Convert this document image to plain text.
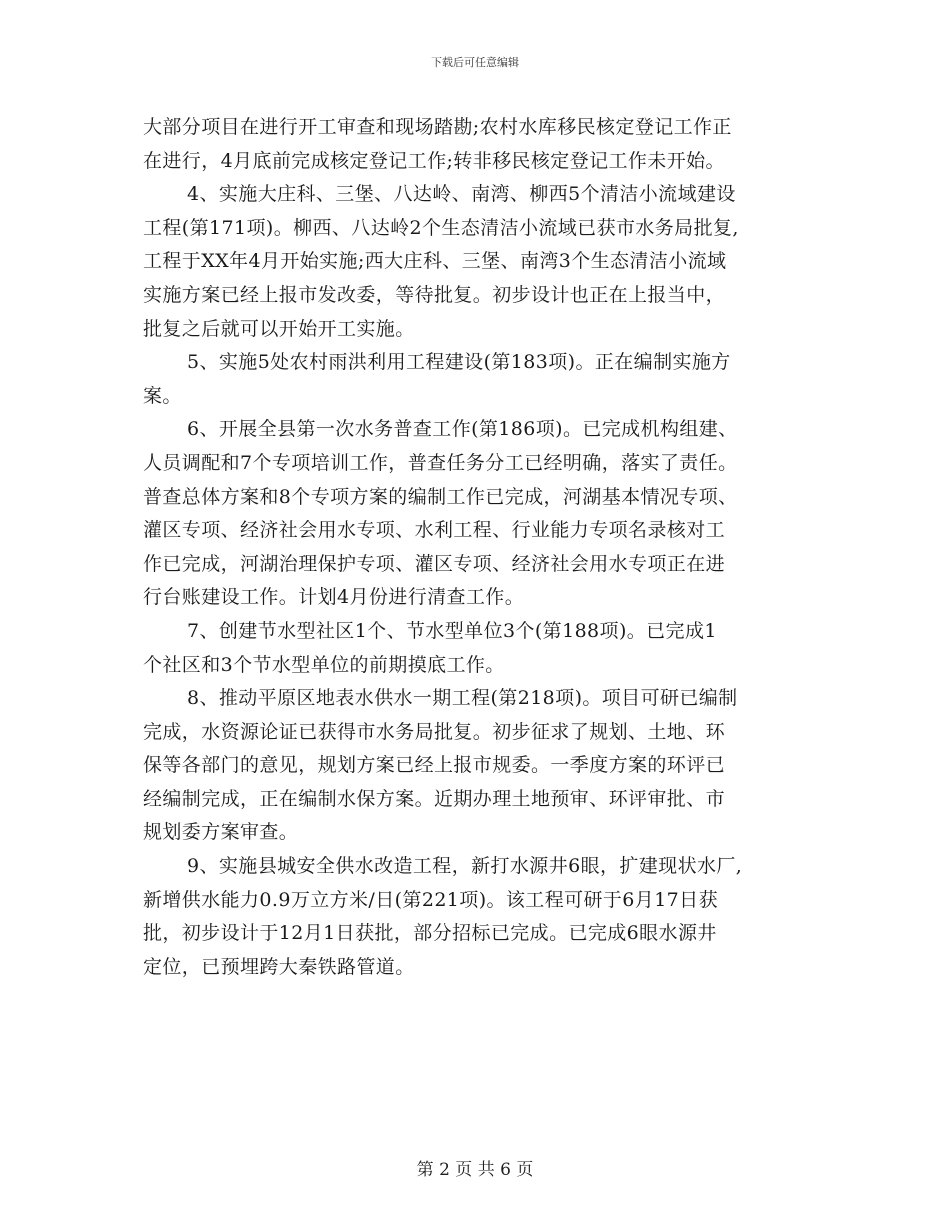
下载后可任意编辑
大部分项目在进行开工审查和现场踏勘;农村水库移民核定登记工作正
在进行，4月底前完成核定登记工作;转非移民核定登记工作未开始。
4、实施大庄科、三堡、八达岭、南湾、柳西5个清洁小流域建设
工程(第171项)。柳西、八达岭2个生态清洁小流域已获市水务局批复,
工程于XX年4月开始实施;西大庄科、三堡、南湾3个生态清洁小流域
实施方案已经上报市发改委，等待批复。初步设计也正在上报当中，
批复之后就可以开始开工实施。
5、实施5处农村雨洪利用工程建设(第183项)。正在编制实施方
案。
6、开展全县第一次水务普查工作(第186项)。已完成机构组建、
人员调配和7个专项培训工作，普查任务分工已经明确，落实了责任。
普查总体方案和8个专项方案的编制工作已完成，河湖基本情况专项、
灌区专项、经济社会用水专项、水利工程、行业能力专项名录核对工
作已完成，河湖治理保护专项、灌区专项、经济社会用水专项正在进
行台账建设工作。计划4月份进行清查工作。
7、创建节水型社区1个、节水型单位3个(第188项)。已完成1
个社区和3个节水型单位的前期摸底工作。
8、推动平原区地表水供水一期工程(第218项)。项目可研已编制
完成，水资源论证已获得市水务局批复。初步征求了规划、土地、环
保等各部门的意见，规划方案已经上报市规委。一季度方案的环评已
经编制完成，正在编制水保方案。近期办理土地预审、环评审批、市
规划委方案审查。
9、实施县城安全供水改造工程，新打水源井6眼，扩建现状水厂,
新增供水能力0.9万立方米/日(第221项)。该工程可研于6月17日获
批，初步设计于12月1日获批，部分招标已完成。已完成6眼水源井
定位，已预埋跨大秦铁路管道。
第 2 页 共 6 页
